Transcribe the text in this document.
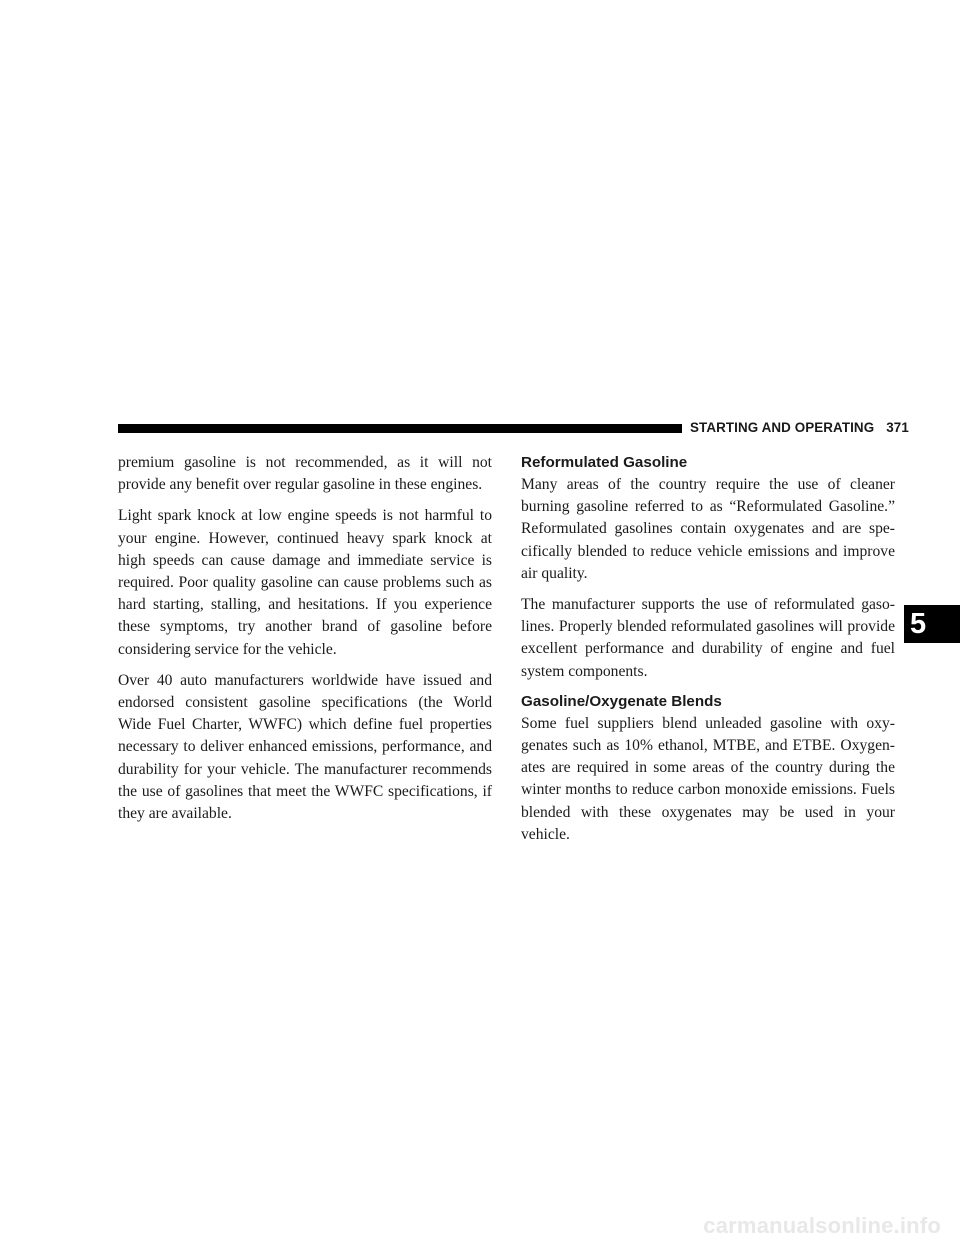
STARTING AND OPERATING 371
5

premium gasoline is not recommended, as it will not provide any benefit over regular gasoline in these engines.

Light spark knock at low engine speeds is not harmful to your engine. However, continued heavy spark knock at high speeds can cause damage and immediate service is required. Poor quality gasoline can cause problems such as hard starting, stalling, and hesitations. If you experience these symptoms, try another brand of gasoline before considering service for the vehicle.

Over 40 auto manufacturers worldwide have issued and endorsed consistent gasoline specifications (the World Wide Fuel Charter, WWFC) which define fuel properties necessary to deliver enhanced emissions, performance, and durability for your vehicle. The manufacturer recommends the use of gasolines that meet the WWFC specifications, if they are available.

Reformulated Gasoline

Many areas of the country require the use of cleaner burning gasoline referred to as “Reformulated Gasoline.” Reformulated gasolines contain oxygenates and are specifically blended to reduce vehicle emissions and improve air quality.

The manufacturer supports the use of reformulated gasolines. Properly blended reformulated gasolines will provide excellent performance and durability of engine and fuel system components.

Gasoline/Oxygenate Blends

Some fuel suppliers blend unleaded gasoline with oxygenates such as 10% ethanol, MTBE, and ETBE. Oxygenates are required in some areas of the country during the winter months to reduce carbon monoxide emissions. Fuels blended with these oxygenates may be used in your vehicle.

carmanualsonline.info
